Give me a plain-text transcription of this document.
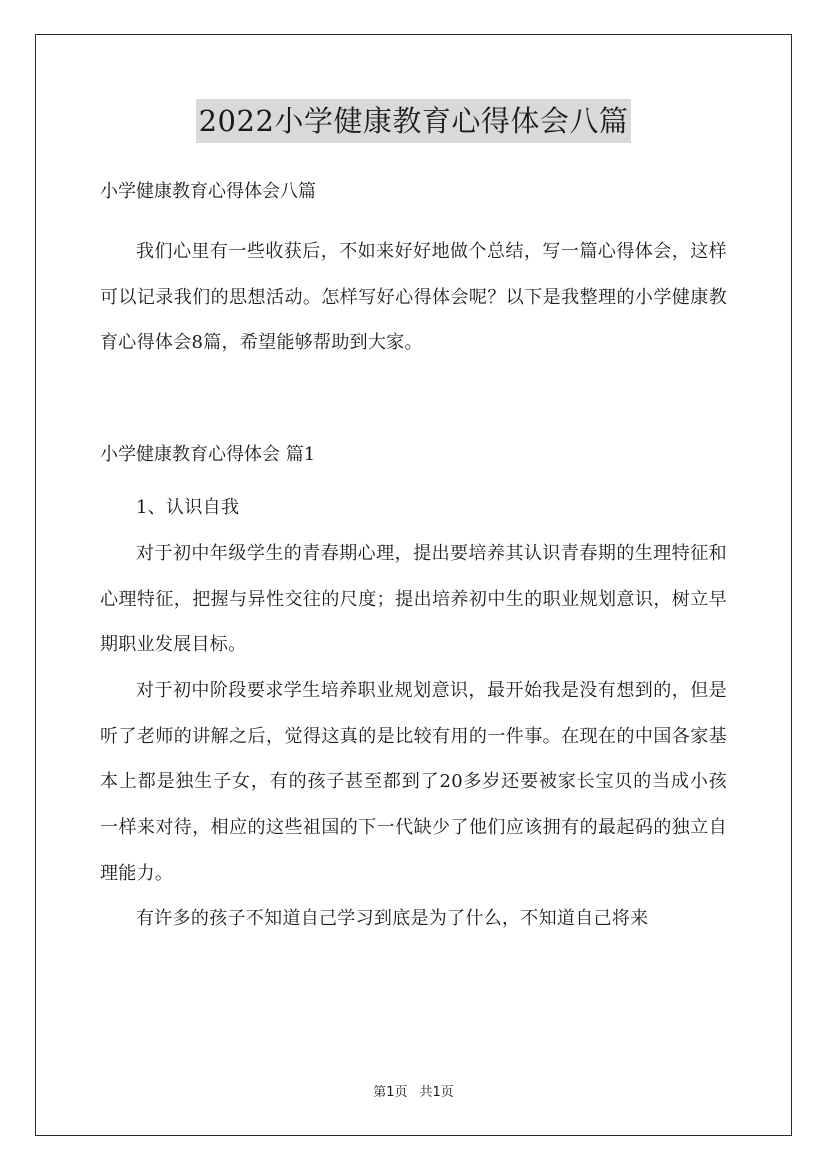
2022小学健康教育心得体会八篇

小学健康教育心得体会八篇

我们心里有一些收获后，不如来好好地做个总结，写一篇心得体会，这样可以记录我们的思想活动。怎样写好心得体会呢？以下是我整理的小学健康教育心得体会8篇，希望能够帮助到大家。

小学健康教育心得体会 篇1

1、认识自我

对于初中年级学生的青春期心理，提出要培养其认识青春期的生理特征和心理特征，把握与异性交往的尺度；提出培养初中生的职业规划意识，树立早期职业发展目标。

对于初中阶段要求学生培养职业规划意识，最开始我是没有想到的，但是听了老师的讲解之后，觉得这真的是比较有用的一件事。在现在的中国各家基本上都是独生子女，有的孩子甚至都到了20多岁还要被家长宝贝的当成小孩一样来对待，相应的这些祖国的下一代缺少了他们应该拥有的最起码的独立自理能力。

有许多的孩子不知道自己学习到底是为了什么，不知道自己将来

第1页 共1页
